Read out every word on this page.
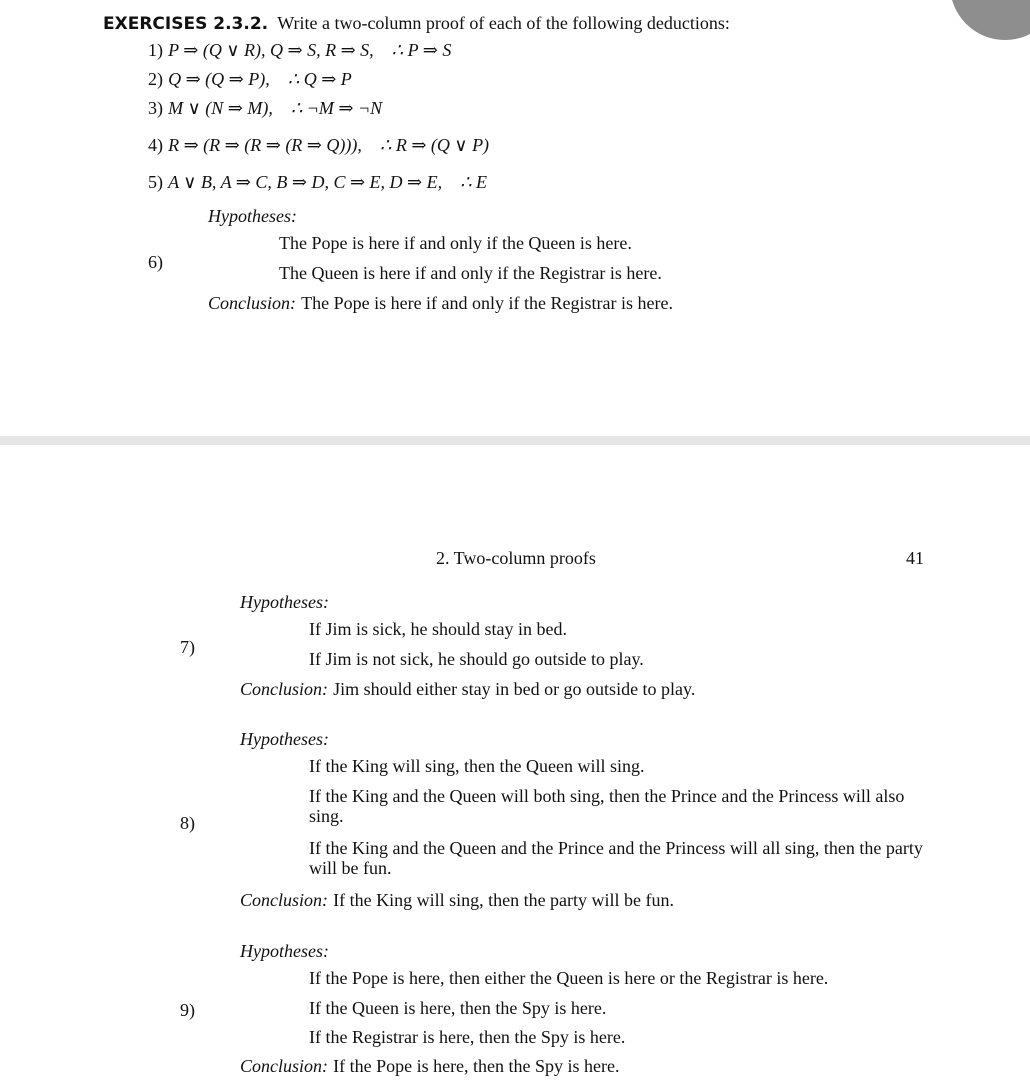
EXERCISES 2.3.2. Write a two-column proof of each of the following deductions:
1) P ⇒ (Q ∨ R), Q ⇒ S, R ⇒ S,    ∴ P ⇒ S
2) Q ⇒ (Q ⇒ P),    ∴ Q ⇒ P
3) M ∨ (N ⇒ M),    ∴ ¬M ⇒ ¬N
4) R ⇒ (R ⇒ (R ⇒ (R ⇒ Q))),    ∴ R ⇒ (Q ∨ P)
5) A ∨ B, A ⇒ C, B ⇒ D, C ⇒ E, D ⇒ E,    ∴ E
6)
Hypotheses:
The Pope is here if and only if the Queen is here.
The Queen is here if and only if the Registrar is here.
Conclusion: The Pope is here if and only if the Registrar is here.
2. Two-column proofs	41
7)
Hypotheses:
If Jim is sick, he should stay in bed.
If Jim is not sick, he should go outside to play.
Conclusion: Jim should either stay in bed or go outside to play.
8)
Hypotheses:
If the King will sing, then the Queen will sing.
If the King and the Queen will both sing, then the Prince and the Princess will also sing.
If the King and the Queen and the Prince and the Princess will all sing, then the party will be fun.
Conclusion: If the King will sing, then the party will be fun.
9)
Hypotheses:
If the Pope is here, then either the Queen is here or the Registrar is here.
If the Queen is here, then the Spy is here.
If the Registrar is here, then the Spy is here.
Conclusion: If the Pope is here, then the Spy is here.
